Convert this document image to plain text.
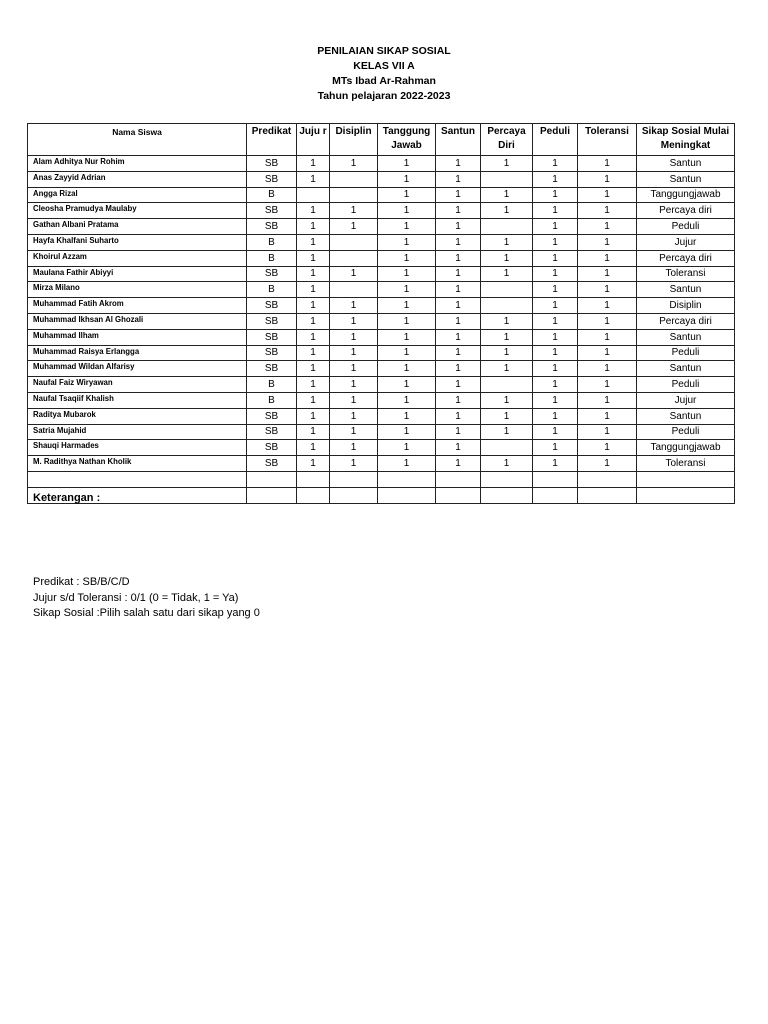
PENILAIAN SIKAP SOSIAL
KELAS VII A
MTs Ibad Ar-Rahman
Tahun pelajaran 2022-2023
Nama Siswa	Predikat	Juju r	Disiplin	Tanggung Jawab	Santun	Percaya Diri	Peduli	Toleransi	Sikap Sosial Mulai Meningkat
Alam Adhitya Nur Rohim	SB	1	1	1	1	1	1	1	Santun
Anas Zayyid Adrian	SB	1		1	1		1	1	Santun
Angga Rizal	B			1	1	1	1	1	Tanggungjawab
Cleosha Pramudya Maulaby	SB	1	1	1	1	1	1	1	Percaya diri
Gathan Albani Pratama	SB	1	1	1	1		1	1	Peduli
Hayfa Khalfani Suharto	B	1		1	1	1	1	1	Jujur
Khoirul Azzam	B	1		1	1	1	1	1	Percaya diri
Maulana Fathir Abiyyi	SB	1	1	1	1	1	1	1	Toleransi
Mirza Milano	B	1		1	1		1	1	Santun
Muhammad Fatih Akrom	SB	1	1	1	1		1	1	Disiplin
Muhammad Ikhsan Al Ghozali	SB	1	1	1	1	1	1	1	Percaya diri
Muhammad Ilham	SB	1	1	1	1	1	1	1	Santun
Muhammad Raisya Erlangga	SB	1	1	1	1	1	1	1	Peduli
Muhammad Wildan Alfarisy	SB	1	1	1	1	1	1	1	Santun
Naufal Faiz Wiryawan	B	1	1	1	1		1	1	Peduli
Naufal Tsaqiif Khalish	B	1	1	1	1	1	1	1	Jujur
Raditya Mubarok	SB	1	1	1	1	1	1	1	Santun
Satria Mujahid	SB	1	1	1	1	1	1	1	Peduli
Shauqi Harmades	SB	1	1	1	1		1	1	Tanggungjawab
M. Radithya Nathan Kholik	SB	1	1	1	1	1	1	1	Toleransi

Keterangan :
Predikat : SB/B/C/D
Jujur s/d Toleransi : 0/1 (0 = Tidak, 1 = Ya)
Sikap Sosial :Pilih salah satu dari sikap yang 0
